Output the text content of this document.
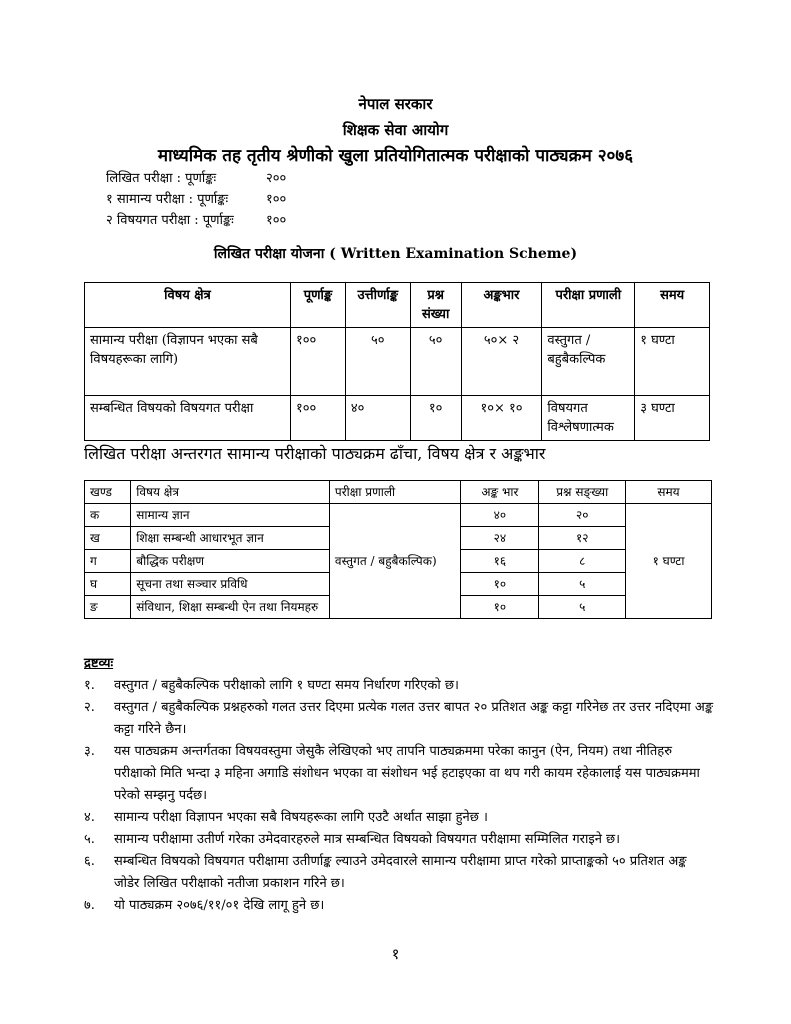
नेपाल सरकार
शिक्षक सेवा आयोग
माध्यमिक तह तृतीय श्रेणीको खुला प्रतियोगितात्मक परीक्षाको पाठ्यक्रम २०७६
लिखित परीक्षा : पूर्णाङ्कः	२००
१ सामान्य परीक्षा : पूर्णाङ्कः	१००
२ विषयगत परीक्षा : पूर्णाङ्कः	१००
लिखित परीक्षा योजना ( Written Examination Scheme)
विषय क्षेत्र	पूर्णाङ्क	उत्तीर्णाङ्क	प्रश्न संख्या	अङ्कभार	परीक्षा प्रणाली	समय
सामान्य परीक्षा (विज्ञापन भएका सबै विषयहरूका लागि)	१००	५०	५०	५०× २	वस्तुगत / बहुबैकल्पिक	१ घण्टा
सम्बन्धित विषयको विषयगत परीक्षा	१००	४०	१०	१०× १०	विषयगत विश्लेषणात्मक	३ घण्टा
लिखित परीक्षा अन्तरगत सामान्य परीक्षाको पाठ्यक्रम ढाँचा, विषय क्षेत्र र अङ्कभार
खण्ड	विषय क्षेत्र	परीक्षा प्रणाली	अङ्क भार	प्रश्न सङ्ख्या	समय
क	सामान्य ज्ञान	वस्तुगत / बहुबैकल्पिक)	४०	२०	१ घण्टा
ख	शिक्षा सम्बन्धी आधारभूत ज्ञान		२४	१२	
ग	बौद्धिक परीक्षण		१६	८	
घ	सूचना तथा सञ्चार प्रविधि		१०	५	
ङ	संविधान, शिक्षा सम्बन्धी ऐन तथा नियमहरु		१०	५	
द्रष्टव्यः
१.	वस्तुगत / बहुबैकल्पिक परीक्षाको लागि १ घण्टा समय निर्धारण गरिएको छ।
२.	वस्तुगत / बहुबैकल्पिक प्रश्नहरुको गलत उत्तर दिएमा प्रत्येक गलत उत्तर बापत २० प्रतिशत अङ्क कट्टा गरिनेछ तर उत्तर नदिएमा अङ्क कट्टा गरिने छैन।
३.	यस पाठ्यक्रम अन्तर्गतका विषयवस्तुमा जेसुकै लेखिएको भए तापनि पाठ्यक्रममा परेका कानुन (ऐन, नियम) तथा नीतिहरु परीक्षाको मिति भन्दा ३ महिना अगाडि संशोधन भएका वा संशोधन भई हटाइएका वा थप गरी कायम रहेकालाई यस पाठ्यक्रममा परेको सम्झनु पर्दछ।
४.	सामान्य परीक्षा विज्ञापन भएका सबै विषयहरूका लागि एउटै अर्थात साझा हुनेछ ।
५.	सामान्य परीक्षामा उतीर्ण गरेका उमेदवारहरुले मात्र सम्बन्धित विषयको विषयगत परीक्षामा सम्मिलित गराइने छ।
६.	सम्बन्धित विषयको विषयगत परीक्षामा उतीर्णाङ्क ल्याउने उमेदवारले सामान्य परीक्षामा प्राप्त गरेको प्राप्ताङ्कको ५० प्रतिशत अङ्क जोडेर लिखित परीक्षाको नतीजा प्रकाशन गरिने छ।
७.	यो पाठ्यक्रम २०७६/११/०१ देखि लागू हुने छ।
१
